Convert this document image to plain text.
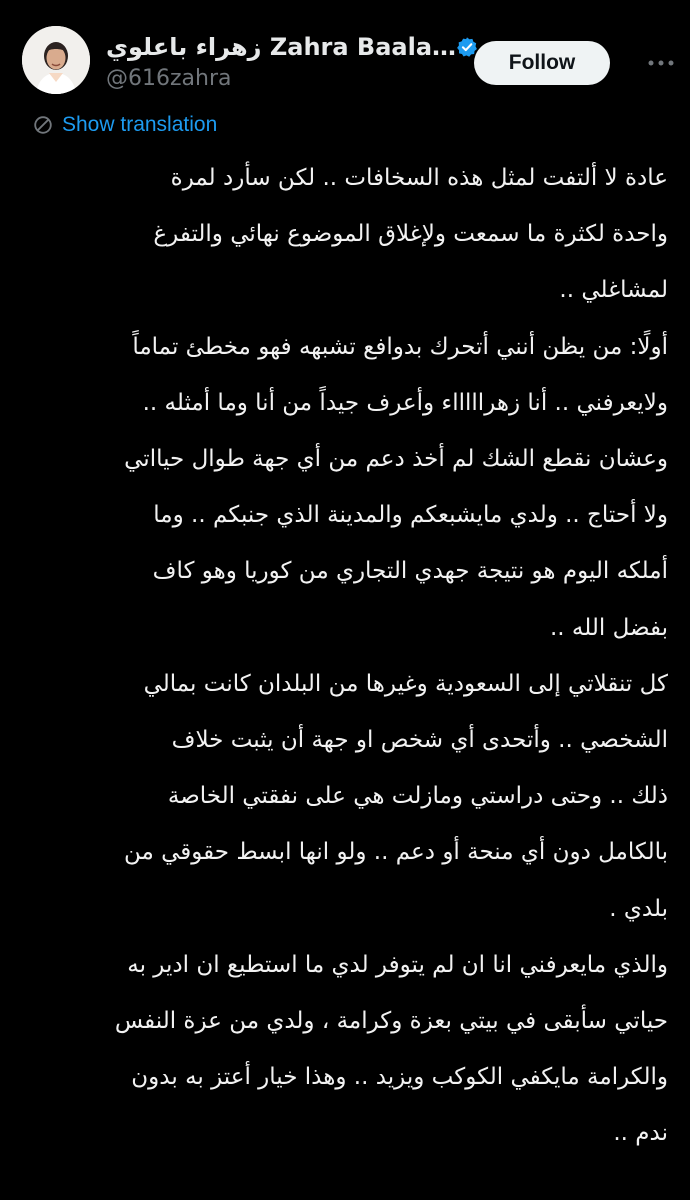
زهراء باعلوي Zahra Baala…
@616zahra
Follow
Show translation

عادة لا ألتفت لمثل هذه السخافات .. لكن سأرد لمرة
واحدة لكثرة ما سمعت ولإغلاق الموضوع نهائي والتفرغ
لمشاغلي ..

أولًا: من يظن أنني أتحرك بدوافع تشبهه فهو مخطئ تماماً
ولايعرفني .. أنا زهراااااء وأعرف جيداً من أنا وما أمثله ..
وعشان نقطع الشك لم أخذ دعم من أي جهة طوال حيااتي
ولا أحتاج .. ولدي مايشبعكم والمدينة الذي جنبكم .. وما
أملكه اليوم هو نتيجة جهدي التجاري من كوريا وهو كاف
بفضل الله ..

كل تنقلاتي إلى السعودية وغيرها من البلدان كانت بمالي
الشخصي .. وأتحدى أي شخص او جهة أن يثبت خلاف
ذلك .. وحتى دراستي ومازلت هي على نفقتي الخاصة
بالكامل دون أي منحة أو دعم .. ولو انها ابسط حقوقي من
بلدي .

والذي مايعرفني انا ان لم يتوفر لدي ما استطيع ان ادير به
حياتي سأبقى في بيتي بعزة وكرامة ، ولدي من عزة النفس
والكرامة مايكفي الكوكب ويزيد .. وهذا خيار أعتز به بدون
ندم ..
